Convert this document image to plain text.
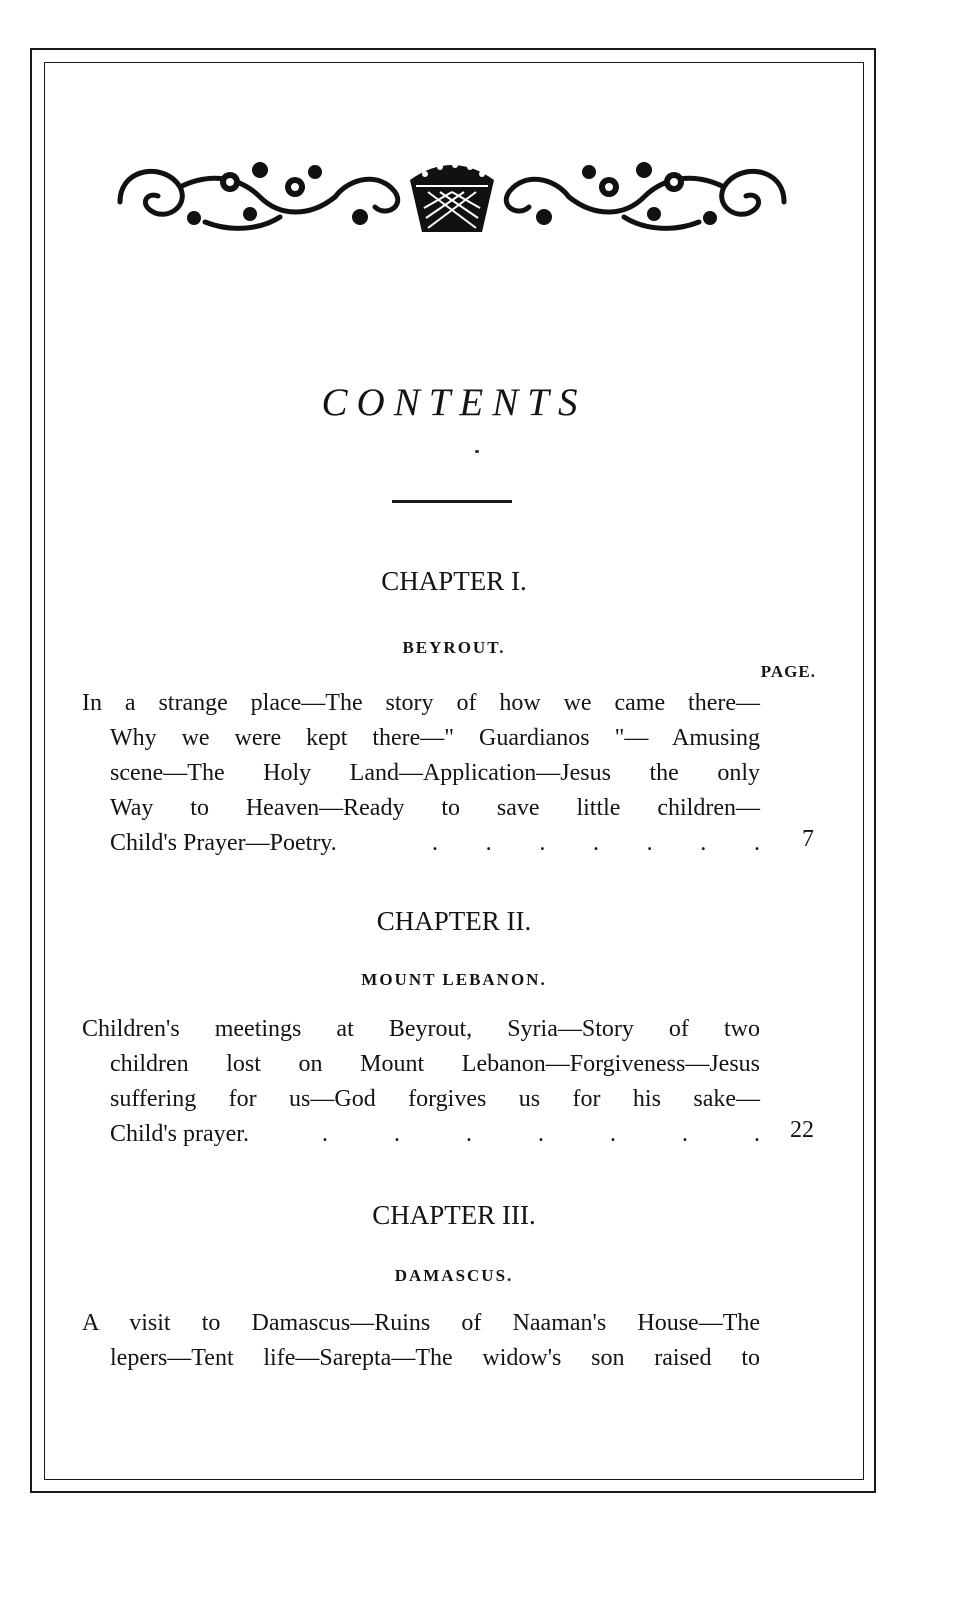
CONTENTS
CHAPTER I.
BEYROUT.
PAGE.
In a strange place—The story of how we came there—
Why we were kept there—" Guardianos "— Amusing
scene—The Holy Land—Application—Jesus the only
Way to Heaven—Ready to save little children—
Child's Prayer—Poetry.	. . . . . . .	7
CHAPTER II.
MOUNT LEBANON.
Children's meetings at Beyrout, Syria—Story of two
children lost on Mount Lebanon—Forgiveness—Jesus
suffering for us—God forgives us for his sake—
Child's prayer.	.	.	.	.	.	.	.	22
CHAPTER III.
DAMASCUS.
A visit to Damascus—Ruins of Naaman's House—The
lepers—Tent life—Sarepta—The widow's son raised to
